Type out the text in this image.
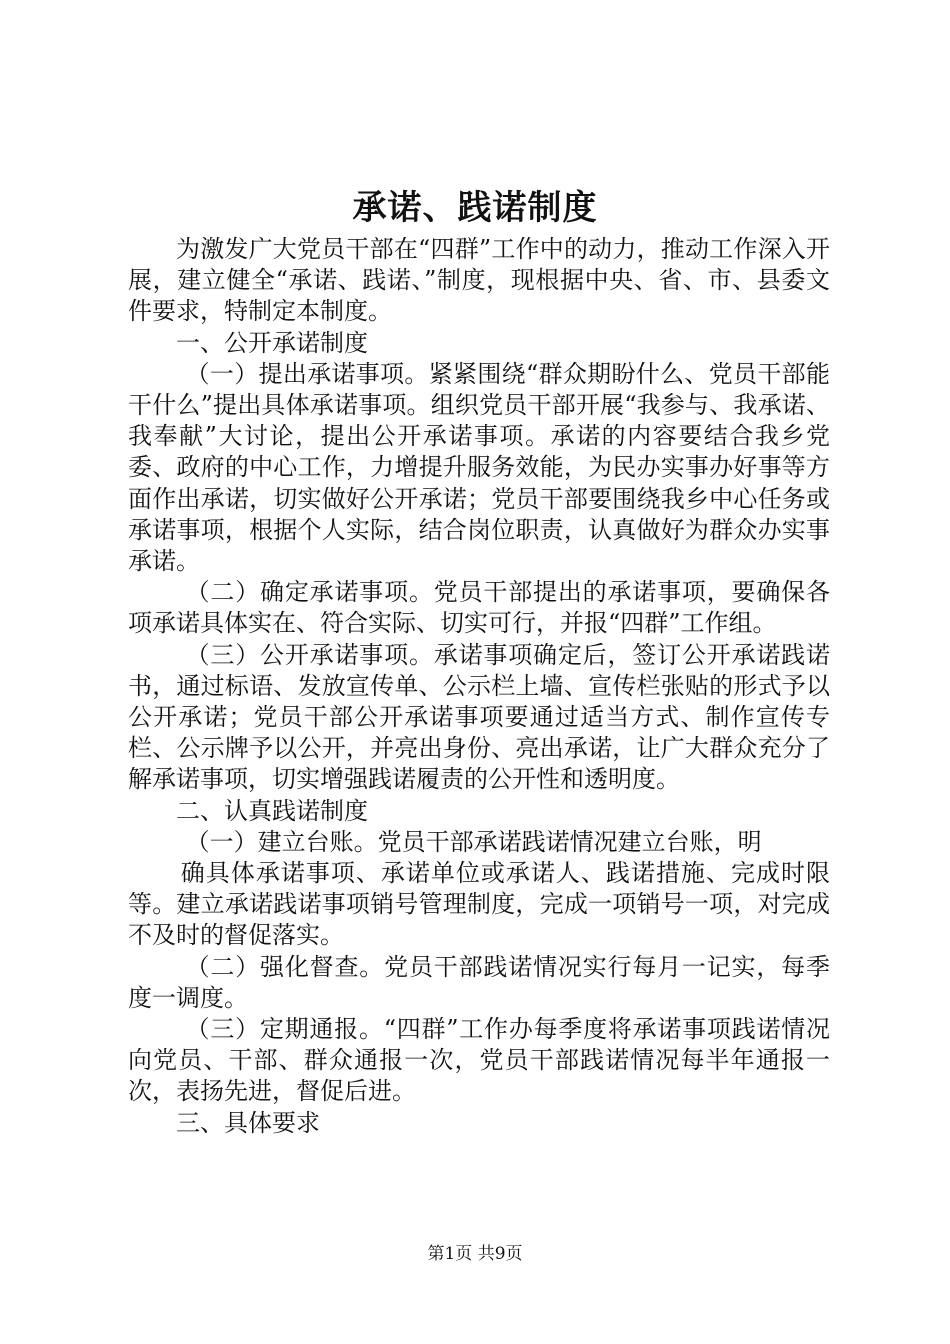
承诺、践诺制度

为激发广大党员干部在“四群”工作中的动力，推动工作深入开展，建立健全“承诺、践诺、”制度，现根据中央、省、市、县委文件要求，特制定本制度。

一、公开承诺制度

（一）提出承诺事项。紧紧围绕“群众期盼什么、党员干部能干什么”提出具体承诺事项。组织党员干部开展“我参与、我承诺、我奉献”大讨论，提出公开承诺事项。承诺的内容要结合我乡党委、政府的中心工作，力增提升服务效能，为民办实事办好事等方面作出承诺，切实做好公开承诺；党员干部要围绕我乡中心任务或承诺事项，根据个人实际，结合岗位职责，认真做好为群众办实事承诺。

（二）确定承诺事项。党员干部提出的承诺事项，要确保各项承诺具体实在、符合实际、切实可行，并报“四群”工作组。

（三）公开承诺事项。承诺事项确定后，签订公开承诺践诺书，通过标语、发放宣传单、公示栏上墙、宣传栏张贴的形式予以公开承诺；党员干部公开承诺事项要通过适当方式、制作宣传专栏、公示牌予以公开，并亮出身份、亮出承诺，让广大群众充分了解承诺事项，切实增强践诺履责的公开性和透明度。

二、认真践诺制度

（一）建立台账。党员干部承诺践诺情况建立台账，明

确具体承诺事项、承诺单位或承诺人、践诺措施、完成时限等。建立承诺践诺事项销号管理制度，完成一项销号一项，对完成不及时的督促落实。

（二）强化督查。党员干部践诺情况实行每月一记实，每季度一调度。

（三）定期通报。“四群”工作办每季度将承诺事项践诺情况向党员、干部、群众通报一次，党员干部践诺情况每半年通报一次，表扬先进，督促后进。

三、具体要求

第1页 共9页
